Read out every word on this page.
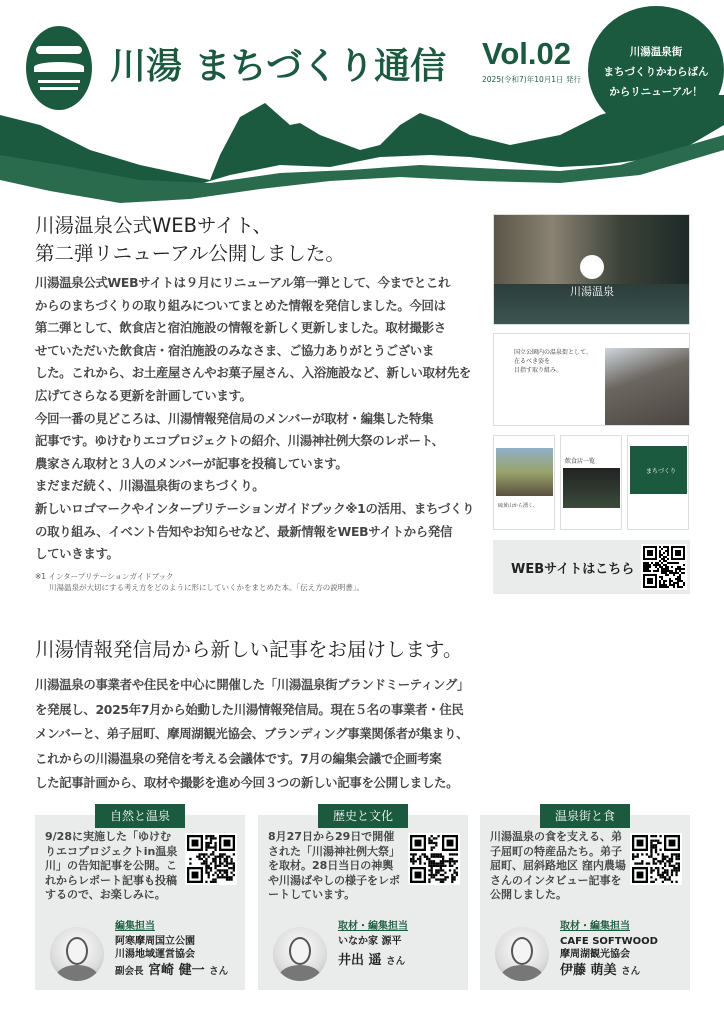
川湯 まちづくり通信 Vol.02
2025(令和7)年10月1日 発行
川湯温泉街
まちづくりかわらばん
からリニューアル！
川湯温泉公式WEBサイト、
第二弾リニューアル公開しました。

川湯温泉公式WEBサイトは９月にリニューアル第一弾として、今までとこれ

からのまちづくりの取り組みについてまとめた情報を発信しました。今回は

第二弾として、飲食店と宿泊施設の情報を新しく更新しました。取材撮影さ

せていただいた飲食店・宿泊施設のみなさま、ご協力ありがとうございま

した。これから、お土産屋さんやお菓子屋さん、入浴施設など、新しい取材先を

広げてさらなる更新を計画しています。

今回一番の見どころは、川湯情報発信局のメンバーが取材・編集した特集

記事です。ゆけむりエコプロジェクトの紹介、川湯神社例大祭のレポート、

農家さん取材と３人のメンバーが記事を投稿しています。

まだまだ続く、川湯温泉街のまちづくり。

新しいロゴマークやインタープリテーションガイドブック※1の活用、まちづくり

の取り組み、イベント告知やお知らせなど、最新情報をWEBサイトから発信

していきます。

※1 インタープリテーションガイドブック
川湯温泉が大切にする考え方をどのように形にしていくかをまとめた本。「伝え方の説明書」。
川湯温泉
国立公園内の温泉街として、
在るべき姿を
目指す取り組み。
硫黄山から湧く、
飲食店一覧
まちづくり
WEBサイトはこちら
川湯情報発信局から新しい記事をお届けします。

川湯温泉の事業者や住民を中心に開催した「川湯温泉街ブランドミーティング」

を発展し、2025年7月から始動した川湯情報発信局。現在５名の事業者・住民

メンバーと、弟子屈町、摩周湖観光協会、ブランディング事業関係者が集まり、

これからの川湯温泉の発信を考える会議体です。7月の編集会議で企画考案

した記事計画から、取材や撮影を進め今回３つの新しい記事を公開しました。

9/28に実施した「ゆけむりエコプロジェクトin温泉川」の告知記事を公開。これからレポート記事も投稿するので、お楽しみに。
編集担当
阿寒摩周国立公園
川湯地域運営協会
副会長 宮崎 健一 さん
自然と温泉
8月27日から29日で開催された「川湯神社例大祭」を取材。28日当日の神輿や川湯ばやしの様子をレポートしています。
取材・編集担当
いなか家 源平
井出 遥 さん
歴史と文化
川湯温泉の食を支える、弟子屈町の特産品たち。弟子屈町、屈斜路地区 窪内農場さんのインタビュー記事を公開しました。
取材・編集担当
CAFE SOFTWOOD
摩周湖観光協会
伊藤 萌美 さん
温泉街と食
